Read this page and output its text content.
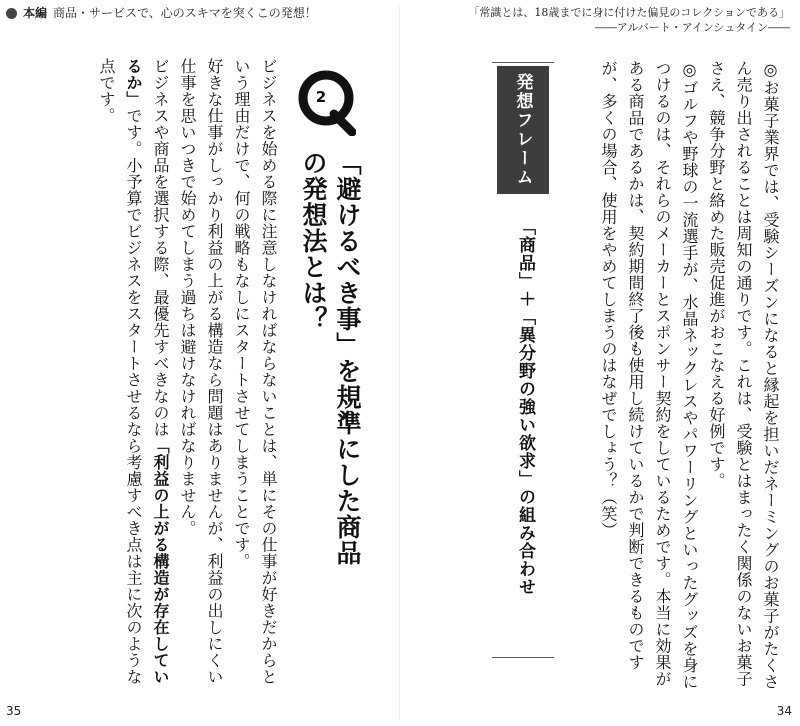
本編 商品・サービスで、心のスキマを突くこの発想！	「常識とは、18歳までに身に付けた偏見のコレクションである」
――アルバート・アインシュタイン――
◎お菓子業界では、受験シーズンになると縁起を担いだネーミングのお菓子がたくさん売り出されることは周知の通りです。これは、受験とはまったく関係のないお菓子さえ、競争分野と絡めた販売促進がおこなえる好例です。
◎ゴルフや野球の一流選手が、水晶ネックレスやパワーリングといったグッズを身につけるのは、それらのメーカーとスポンサー契約をしているためです。本当に効果がある商品であるかは、契約期間終了後も使用し続けているかで判断できるものですが、多くの場合、使用をやめてしまうのはなぜでしょう？（笑）
発想フレーム
「商品」＋「異分野の強い欲求」の組み合わせ
Q
2
「避けるべき事」を規準にした商品の発想法とは？
ビジネスを始める際に注意しなければならないことは、単にその仕事が好きだからという理由だけで、何の戦略もなしにスタートさせてしまうことです。
好きな仕事がしっかり利益の上がる構造なら問題はありませんが、利益の出しにくい仕事を思いつきで始めてしまう過ちは避けなければなりません。
ビジネスや商品を選択する際、最優先すべきなのは「利益の上がる構造が存在しているか」です。小予算でビジネスをスタートさせるなら考慮すべき点は主に次のような点です。
35	34
